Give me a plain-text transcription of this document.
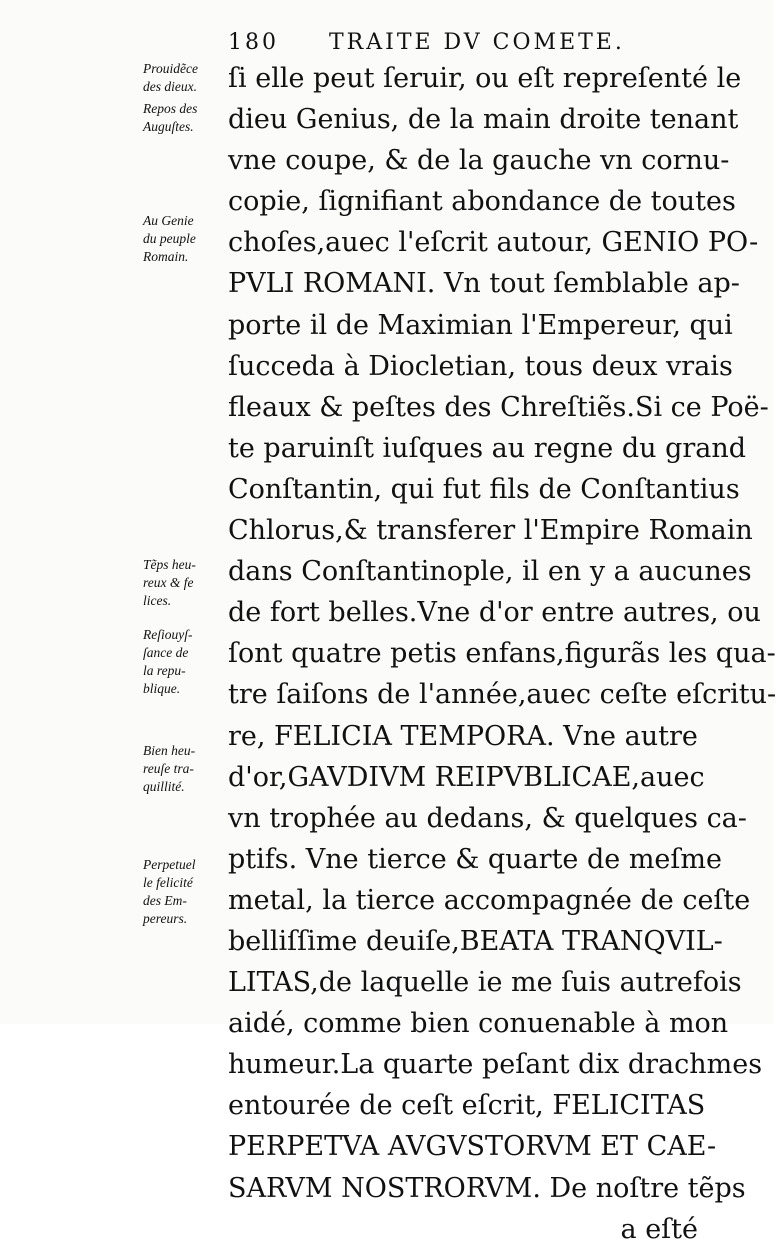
180 TRAITE DV COMETE.
ſi elle peut ſeruir, ou eſt repreſenté le
dieu Genius, de la main droite tenant
vne coupe, & de la gauche vn cornu-
copie, ſignifiant abondance de toutes
choſes,auec l'eſcrit autour, GENIO PO-
PVLI ROMANI. Vn tout ſemblable ap-
porte il de Maximian l'Empereur, qui
ſucceda à Diocletian, tous deux vrais
fleaux & peſtes des Chreſtiẽs.Si ce Poë-
te paruinſt iuſques au regne du grand
Conſtantin, qui fut fils de Conſtantius
Chlorus,& transferer l'Empire Romain
dans Conſtantinople, il en y a aucunes
de fort belles.Vne d'or entre autres, ou
ſont quatre petis enfans,figurãs les qua-
tre ſaiſons de l'année,auec ceſte eſcritu-
re, FELICIA TEMPORA. Vne autre
d'or,GAVDIVM REIPVBLICAE,auec
vn trophée au dedans, & quelques ca-
ptifs. Vne tierce & quarte de meſme
metal, la tierce accompagnée de ceſte
belliſſime deuiſe,BEATA TRANQVIL-
LITAS,de laquelle ie me ſuis autrefois
aidé, comme bien conuenable à mon
humeur.La quarte peſant dix drachmes
entourée de ceſt eſcrit, FELICITAS
PERPETVA AVGVSTORVM ET CAE-
SARVM NOSTRORVM. De noſtre tẽps
a eſté
Prouidẽce
des dieux.
Repos des
Auguſtes.
Au Genie
du peuple
Romain.
Tẽps heu-
reux & fe
lices.
Reſiouyſ-
ſance de
la repu-
blique.
Bien heu-
reuſe tra-
quillité.
Perpetuel
le felicité
des Em-
pereurs.
